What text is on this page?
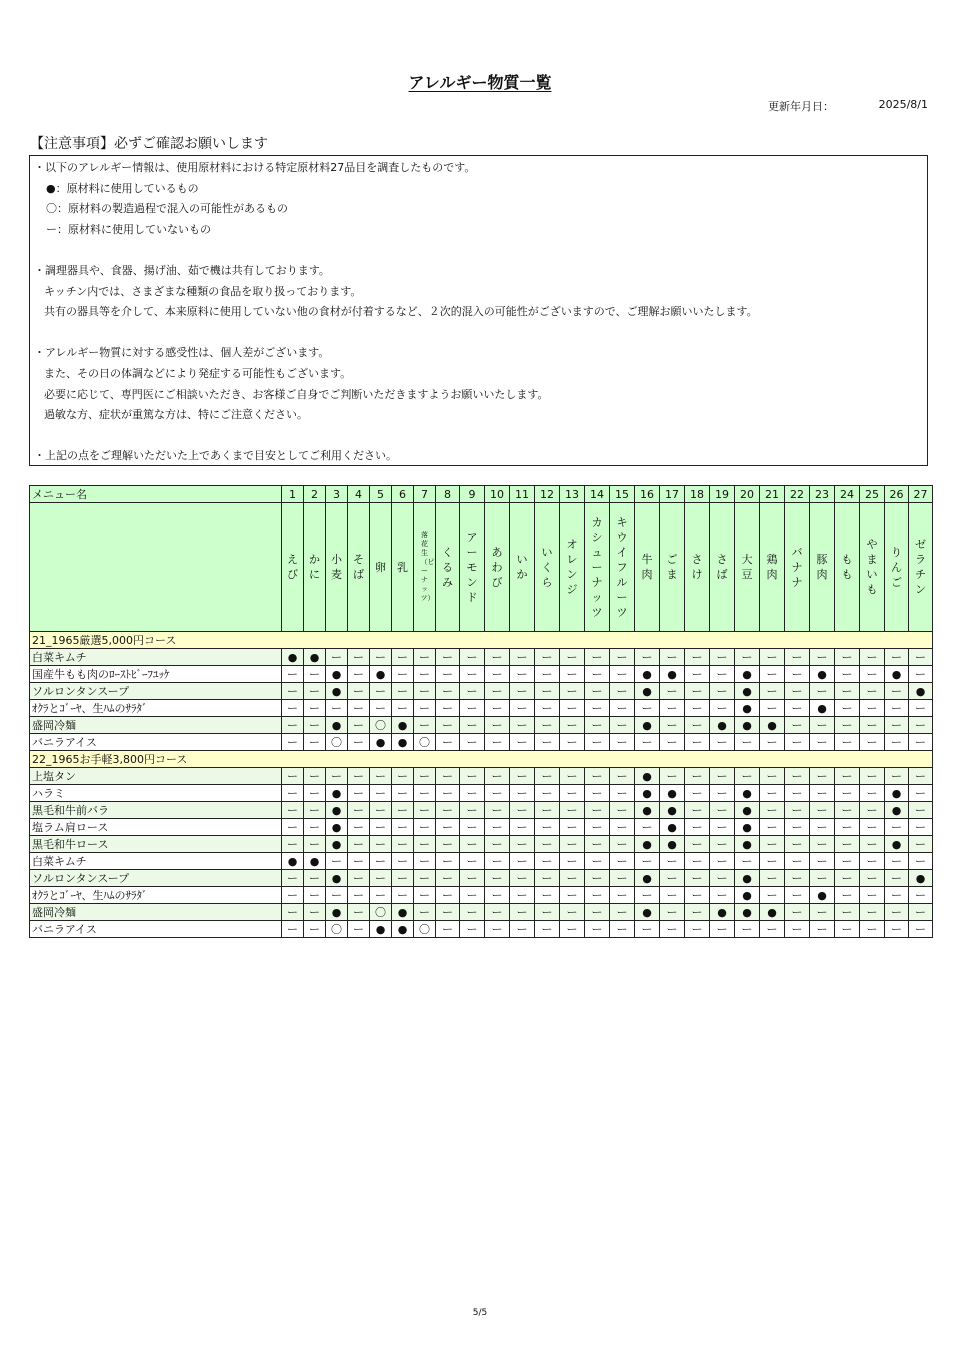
アレルギー物質一覧
更新年月日：	2025/8/1
【注意事項】必ずご確認お願いします
・以下のアレルギー情報は、使用原材料における特定原材料27品目を調査したものです。
●：原材料に使用しているもの
〇：原材料の製造過程で混入の可能性があるもの
ー：原材料に使用していないもの
・調理器具や、食器、揚げ油、茹で機は共有しております。
キッチン内では、さまざまな種類の食品を取り扱っております。
共有の器具等を介して、本来原料に使用していない他の食材が付着するなど、２次的混入の可能性がございますので、ご理解お願いいたします。
・アレルギー物質に対する感受性は、個人差がございます。
また、その日の体調などにより発症する可能性もございます。
必要に応じて、専門医にご相談いただき、お客様ご自身でご判断いただきますようお願いいたします。
過敏な方、症状が重篤な方は、特にご注意ください。
・上記の点をご理解いただいた上であくまで目安としてご利用ください。
メニュー名	1	2	3	4	5	6	7	8	9	10	11	12	13	14	15	16	17	18	19	20	21	22	23	24	25	26	27
	えび	かに	小麦	そば	卵	乳	落花生（ピーナッツ）	くるみ	アーモンド	あわび	いか	いくら	オレンジ	カシューナッツ	キウイフルーツ	牛肉	ごま	さけ	さば	大豆	鶏肉	バナナ	豚肉	もも	やまいも	りんご	ゼラチン
21_1965厳選5,000円コース																											
白菜キムチ	●	●	ー	ー	ー	ー	ー	ー	ー	ー	ー	ー	ー	ー	ー	ー	ー	ー	ー	ー	ー	ー	ー	ー	ー	ー	ー
国産牛もも肉のﾛｰｽﾄﾋﾞｰﾌﾕｯｹ	ー	ー	●	ー	●	ー	ー	ー	ー	ー	ー	ー	ー	ー	ー	●	●	ー	ー	●	ー	ー	●	ー	ー	●	ー
ソルロンタンスープ	ー	ー	●	ー	ー	ー	ー	ー	ー	ー	ー	ー	ー	ー	ー	●	ー	ー	ー	●	ー	ー	ー	ー	ー	ー	●
ｵｸﾗとｺﾞｰﾔ、生ﾊﾑのｻﾗﾀﾞ	ー	ー	ー	ー	ー	ー	ー	ー	ー	ー	ー	ー	ー	ー	ー	ー	ー	ー	ー	●	ー	ー	●	ー	ー	ー	ー
盛岡冷麺	ー	ー	●	ー	〇	●	ー	ー	ー	ー	ー	ー	ー	ー	ー	●	ー	ー	●	●	●	ー	ー	ー	ー	ー	ー
バニラアイス	ー	ー	〇	ー	●	●	〇	ー	ー	ー	ー	ー	ー	ー	ー	ー	ー	ー	ー	ー	ー	ー	ー	ー	ー	ー	ー
22_1965お手軽3,800円コース																											
上塩タン	ー	ー	ー	ー	ー	ー	ー	ー	ー	ー	ー	ー	ー	ー	ー	●	ー	ー	ー	ー	ー	ー	ー	ー	ー	ー	ー
ハラミ	ー	ー	●	ー	ー	ー	ー	ー	ー	ー	ー	ー	ー	ー	ー	●	●	ー	ー	●	ー	ー	ー	ー	ー	●	ー
黒毛和牛前バラ	ー	ー	●	ー	ー	ー	ー	ー	ー	ー	ー	ー	ー	ー	ー	●	●	ー	ー	●	ー	ー	ー	ー	ー	●	ー
塩ラム肩ロース	ー	ー	●	ー	ー	ー	ー	ー	ー	ー	ー	ー	ー	ー	ー	ー	●	ー	ー	●	ー	ー	ー	ー	ー	ー	ー
黒毛和牛ロース	ー	ー	●	ー	ー	ー	ー	ー	ー	ー	ー	ー	ー	ー	ー	●	●	ー	ー	●	ー	ー	ー	ー	ー	●	ー
白菜キムチ	●	●	ー	ー	ー	ー	ー	ー	ー	ー	ー	ー	ー	ー	ー	ー	ー	ー	ー	ー	ー	ー	ー	ー	ー	ー	ー
ソルロンタンスープ	ー	ー	●	ー	ー	ー	ー	ー	ー	ー	ー	ー	ー	ー	ー	●	ー	ー	ー	●	ー	ー	ー	ー	ー	ー	●
ｵｸﾗとｺﾞｰﾔ、生ﾊﾑのｻﾗﾀﾞ	ー	ー	ー	ー	ー	ー	ー	ー	ー	ー	ー	ー	ー	ー	ー	ー	ー	ー	ー	●	ー	ー	●	ー	ー	ー	ー
盛岡冷麺	ー	ー	●	ー	〇	●	ー	ー	ー	ー	ー	ー	ー	ー	ー	●	ー	ー	●	●	●	ー	ー	ー	ー	ー	ー
バニラアイス	ー	ー	〇	ー	●	●	〇	ー	ー	ー	ー	ー	ー	ー	ー	ー	ー	ー	ー	ー	ー	ー	ー	ー	ー	ー	ー
5/5
